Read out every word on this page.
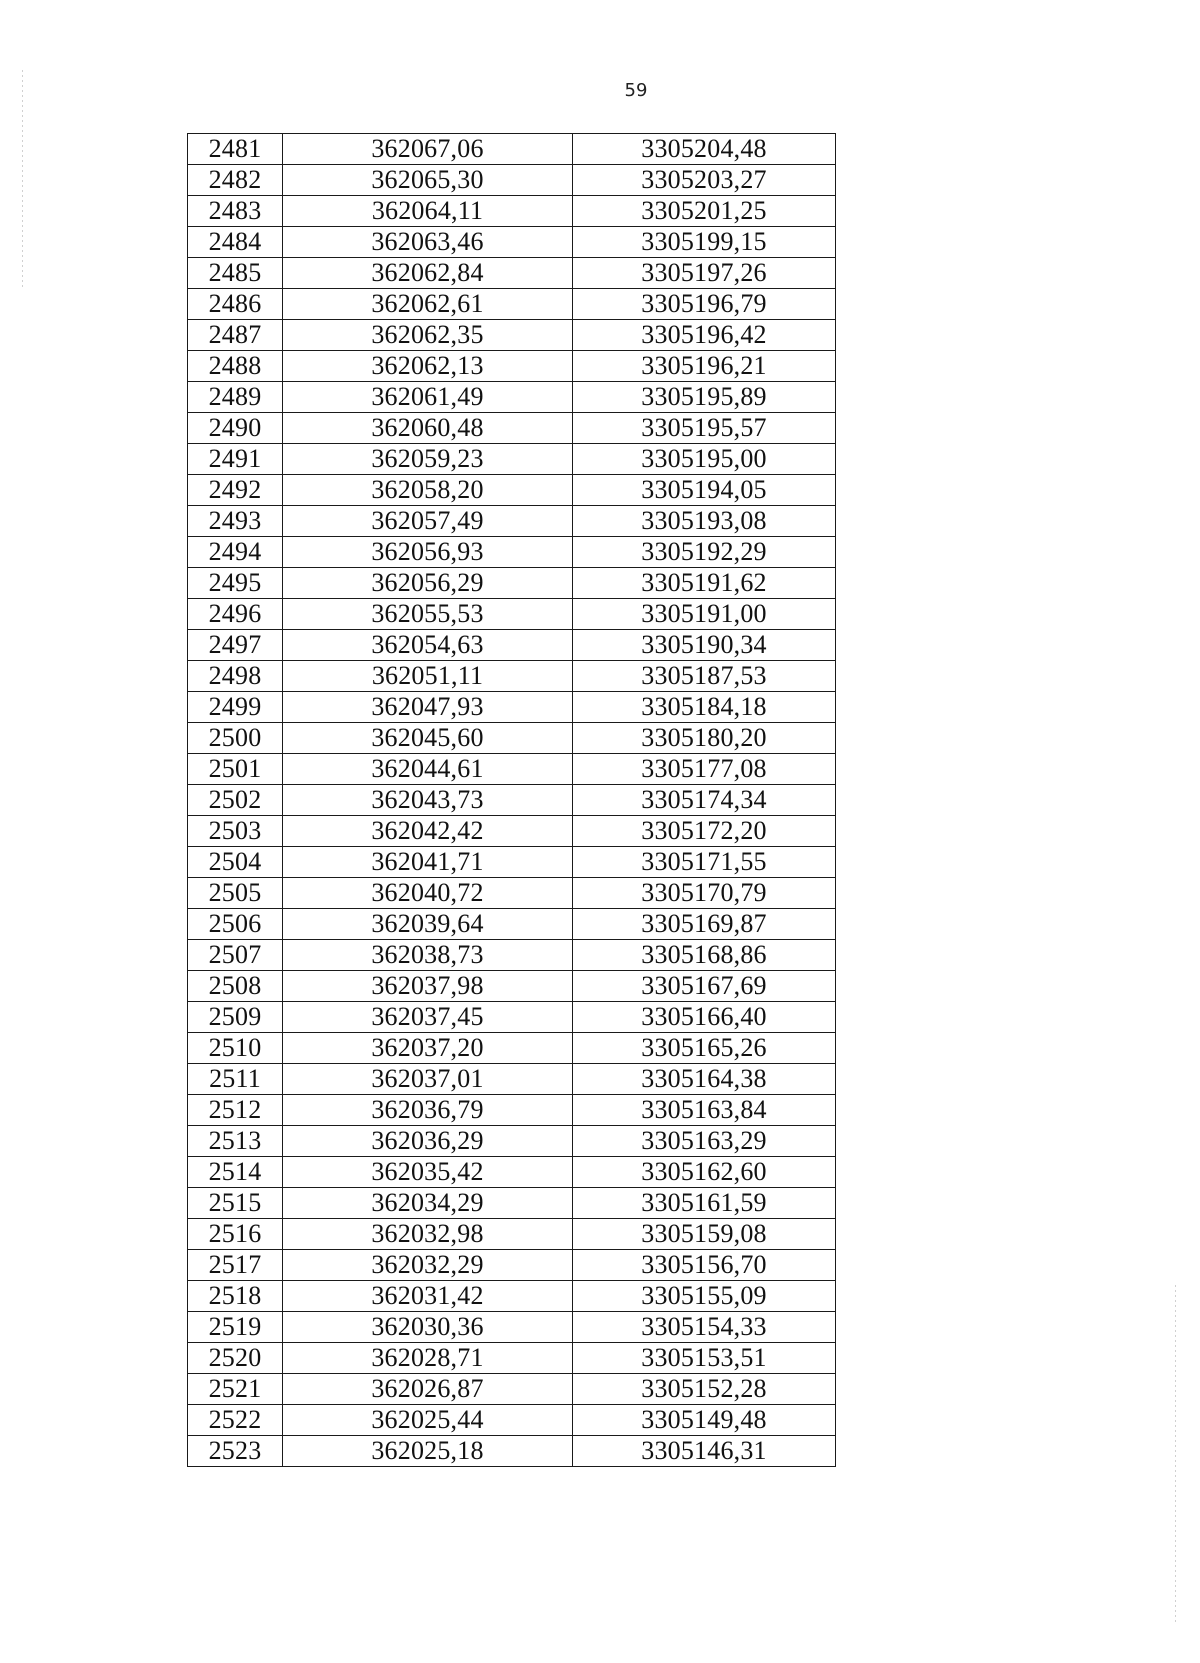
59
2481	362067,06	3305204,48
2482	362065,30	3305203,27
2483	362064,11	3305201,25
2484	362063,46	3305199,15
2485	362062,84	3305197,26
2486	362062,61	3305196,79
2487	362062,35	3305196,42
2488	362062,13	3305196,21
2489	362061,49	3305195,89
2490	362060,48	3305195,57
2491	362059,23	3305195,00
2492	362058,20	3305194,05
2493	362057,49	3305193,08
2494	362056,93	3305192,29
2495	362056,29	3305191,62
2496	362055,53	3305191,00
2497	362054,63	3305190,34
2498	362051,11	3305187,53
2499	362047,93	3305184,18
2500	362045,60	3305180,20
2501	362044,61	3305177,08
2502	362043,73	3305174,34
2503	362042,42	3305172,20
2504	362041,71	3305171,55
2505	362040,72	3305170,79
2506	362039,64	3305169,87
2507	362038,73	3305168,86
2508	362037,98	3305167,69
2509	362037,45	3305166,40
2510	362037,20	3305165,26
2511	362037,01	3305164,38
2512	362036,79	3305163,84
2513	362036,29	3305163,29
2514	362035,42	3305162,60
2515	362034,29	3305161,59
2516	362032,98	3305159,08
2517	362032,29	3305156,70
2518	362031,42	3305155,09
2519	362030,36	3305154,33
2520	362028,71	3305153,51
2521	362026,87	3305152,28
2522	362025,44	3305149,48
2523	362025,18	3305146,31
